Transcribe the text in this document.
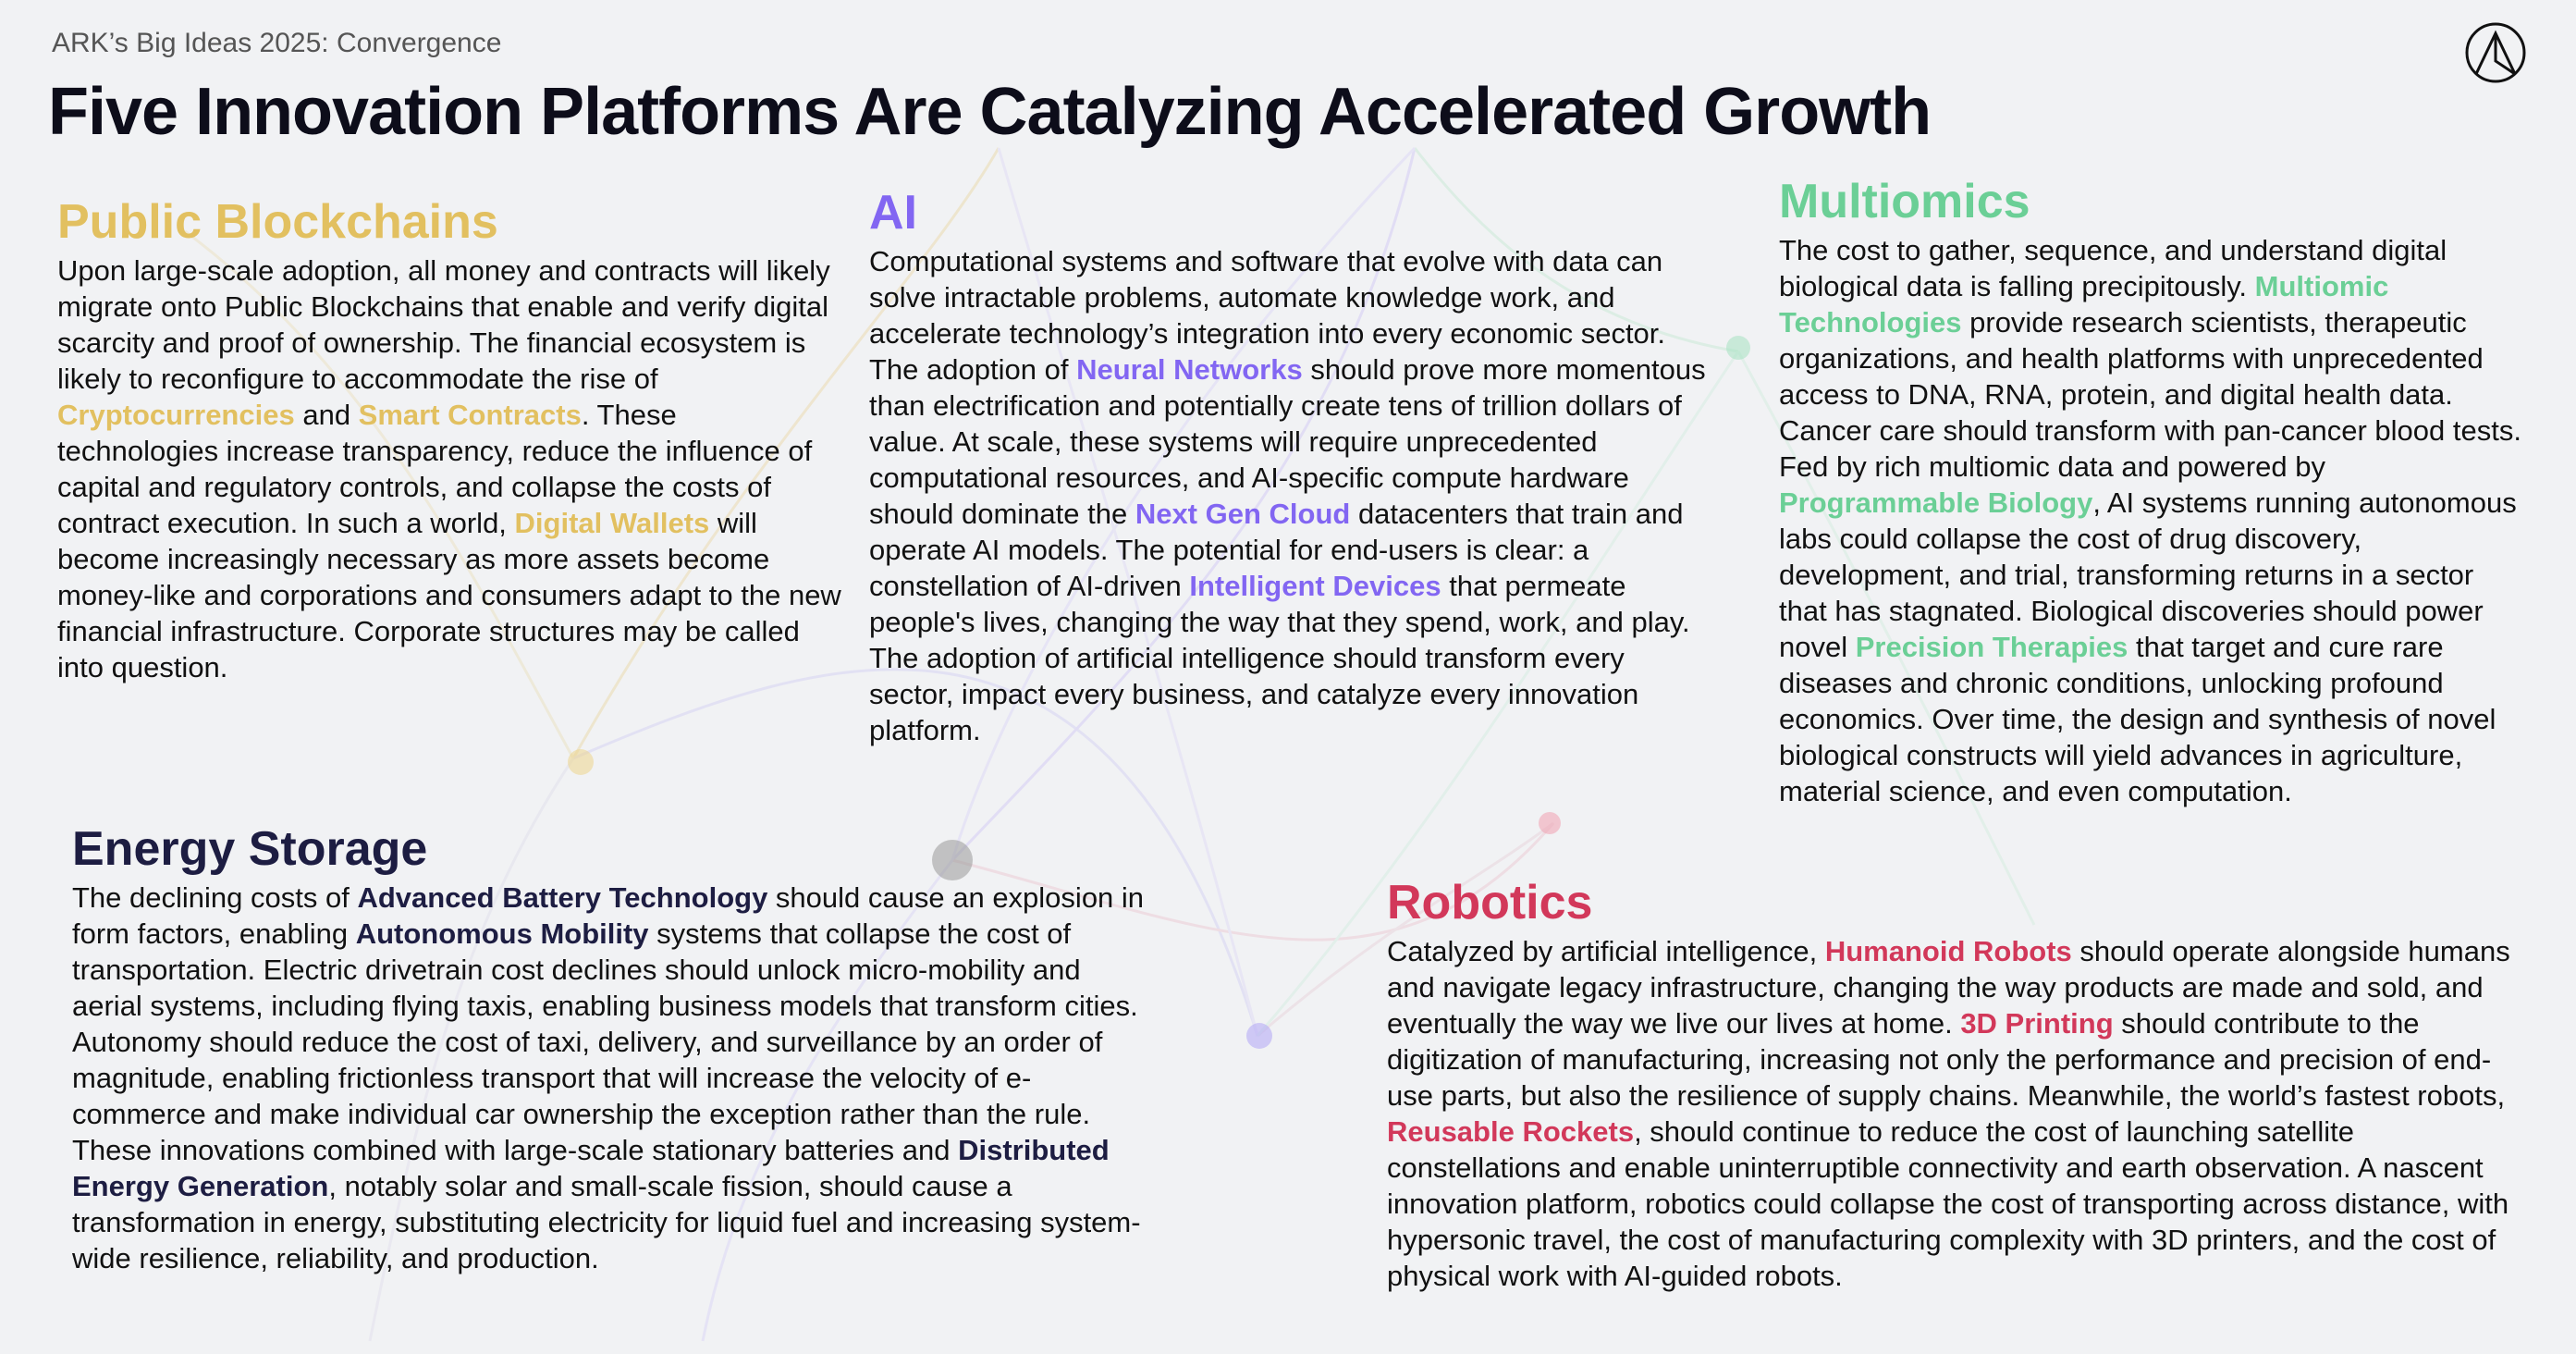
ARK’s Big Ideas 2025: Convergence
Five Innovation Platforms Are Catalyzing Accelerated Growth
Public Blockchains

Upon large-scale adoption, all money and contracts will likely migrate onto Public Blockchains that enable and verify digital scarcity and proof of ownership. The financial ecosystem is likely to reconfigure to accommodate the rise of Cryptocurrencies and Smart Contracts. These technologies increase transparency, reduce the influence of capital and regulatory controls, and collapse the costs of contract execution. In such a world, Digital Wallets will become increasingly necessary as more assets become money-like and corporations and consumers adapt to the new financial infrastructure. Corporate structures may be called into question.

AI

Computational systems and software that evolve with data can solve intractable problems, automate knowledge work, and accelerate technology’s integration into every economic sector. The adoption of Neural Networks should prove more momentous than electrification and potentially create tens of trillion dollars of value. At scale, these systems will require unprecedented computational resources, and AI-specific compute hardware should dominate the Next Gen Cloud datacenters that train and operate AI models. The potential for end-users is clear: a constellation of AI-driven Intelligent Devices that permeate people's lives, changing the way that they spend, work, and play. The adoption of artificial intelligence should transform every sector, impact every business, and catalyze every innovation platform.

Multiomics

The cost to gather, sequence, and understand digital biological data is falling precipitously. Multiomic Technologies provide research scientists, therapeutic organizations, and health platforms with unprecedented access to DNA, RNA, protein, and digital health data. Cancer care should transform with pan-cancer blood tests. Fed by rich multiomic data and powered by Programmable Biology, AI systems running autonomous labs could collapse the cost of drug discovery, development, and trial, transforming returns in a sector that has stagnated. Biological discoveries should power novel Precision Therapies that target and cure rare diseases and chronic conditions, unlocking profound economics. Over time, the design and synthesis of novel biological constructs will yield advances in agriculture, material science, and even computation.

Energy Storage

The declining costs of Advanced Battery Technology should cause an explosion in form factors, enabling Autonomous Mobility systems that collapse the cost of transportation. Electric drivetrain cost declines should unlock micro-mobility and aerial systems, including flying taxis, enabling business models that transform cities. Autonomy should reduce the cost of taxi, delivery, and surveillance by an order of magnitude, enabling frictionless transport that will increase the velocity of e-commerce and make individual car ownership the exception rather than the rule. These innovations combined with large-scale stationary batteries and Distributed Energy Generation, notably solar and small-scale fission, should cause a transformation in energy, substituting electricity for liquid fuel and increasing system-wide resilience, reliability, and production.

Robotics

Catalyzed by artificial intelligence, Humanoid Robots should operate alongside humans and navigate legacy infrastructure, changing the way products are made and sold, and eventually the way we live our lives at home. 3D Printing should contribute to the digitization of manufacturing, increasing not only the performance and precision of end-use parts, but also the resilience of supply chains. Meanwhile, the world’s fastest robots, Reusable Rockets, should continue to reduce the cost of launching satellite constellations and enable uninterruptible connectivity and earth observation. A nascent innovation platform, robotics could collapse the cost of transporting across distance, with hypersonic travel, the cost of manufacturing complexity with 3D printers, and the cost of physical work with AI-guided robots.
